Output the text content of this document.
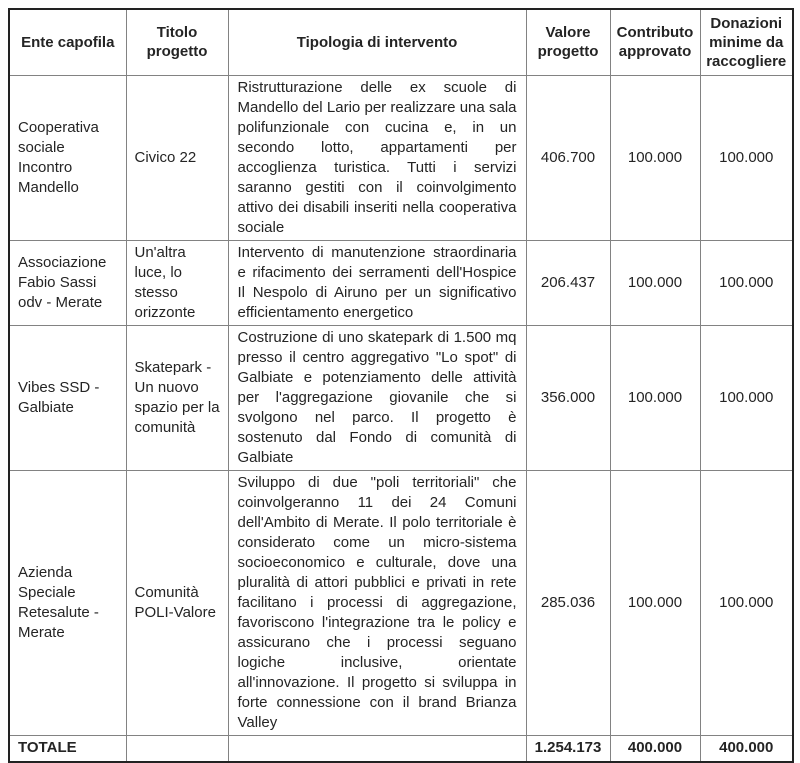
Ente capofila	Titolo progetto	Tipologia di intervento	Valore progetto	Contributo approvato	Donazioni minime da raccogliere
Cooperativa sociale Incontro Mandello	Civico 22	Ristrutturazione delle ex scuole di Mandello del Lario per realizzare una sala polifunzionale con cucina e, in un secondo lotto, appartamenti per accoglienza turistica. Tutti i servizi saranno gestiti con il coinvolgimento attivo dei disabili inseriti nella cooperativa sociale	406.700	100.000	100.000
Associazione Fabio Sassi odv - Merate	Un'altra luce, lo stesso orizzonte	Intervento di manutenzione straordinaria e rifacimento dei serramenti dell'Hospice Il Nespolo di Airuno per un significativo efficientamento energetico	206.437	100.000	100.000
Vibes SSD - Galbiate	Skatepark - Un nuovo spazio per la comunità	Costruzione di uno skatepark di 1.500 mq presso il centro aggregativo "Lo spot" di Galbiate e potenziamento delle attività per l'aggregazione giovanile che si svolgono nel parco. Il progetto è sostenuto dal Fondo di comunità di Galbiate	356.000	100.000	100.000
Azienda Speciale Retesalute - Merate	Comunità POLI-Valore	Sviluppo di due "poli territoriali" che coinvolgeranno 11 dei 24 Comuni dell'Ambito di Merate. Il polo territoriale è considerato come un micro-sistema socioeconomico e culturale, dove una pluralità di attori pubblici e privati in rete facilitano i processi di aggregazione, favoriscono l'integrazione tra le policy e assicurano che i processi seguano logiche inclusive, orientate all'innovazione. Il progetto si sviluppa in forte connessione con il brand Brianza Valley	285.036	100.000	100.000
TOTALE			1.254.173	400.000	400.000
